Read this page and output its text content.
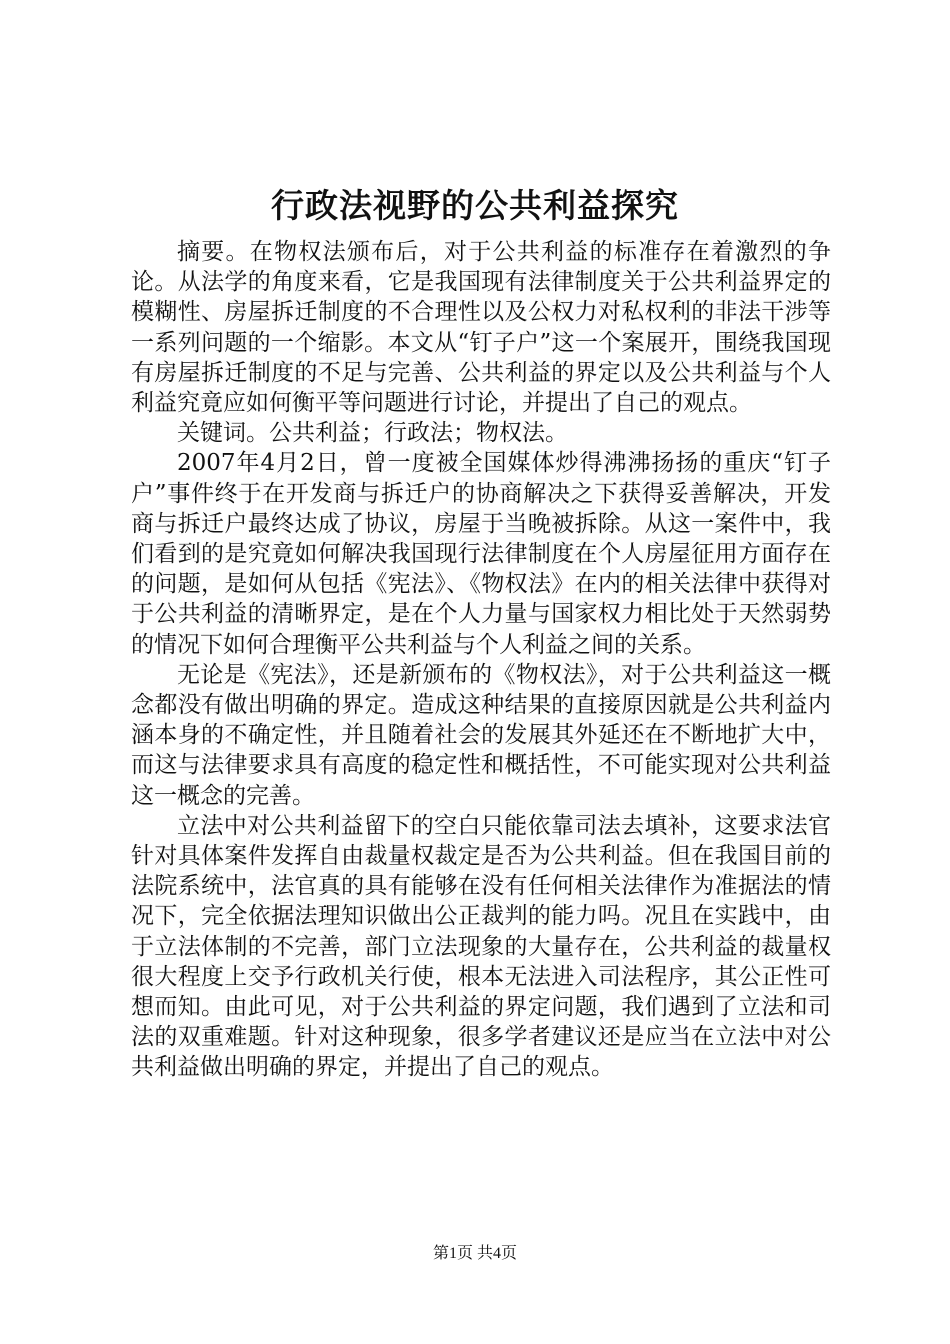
行政法视野的公共利益探究

摘要。在物权法颁布后，对于公共利益的标准存在着激烈的争论。从法学的角度来看，它是我国现有法律制度关于公共利益界定的模糊性、房屋拆迁制度的不合理性以及公权力对私权利的非法干涉等一系列问题的一个缩影。本文从“钉子户”这一个案展开，围绕我国现有房屋拆迁制度的不足与完善、公共利益的界定以及公共利益与个人利益究竟应如何衡平等问题进行讨论，并提出了自己的观点。

关键词。公共利益；行政法；物权法。

2007年4月2日，曾一度被全国媒体炒得沸沸扬扬的重庆“钉子户”事件终于在开发商与拆迁户的协商解决之下获得妥善解决，开发商与拆迁户最终达成了协议，房屋于当晚被拆除。从这一案件中，我们看到的是究竟如何解决我国现行法律制度在个人房屋征用方面存在的问题，是如何从包括《宪法》、《物权法》在内的相关法律中获得对于公共利益的清晰界定，是在个人力量与国家权力相比处于天然弱势的情况下如何合理衡平公共利益与个人利益之间的关系。

无论是《宪法》，还是新颁布的《物权法》，对于公共利益这一概念都没有做出明确的界定。造成这种结果的直接原因就是公共利益内涵本身的不确定性，并且随着社会的发展其外延还在不断地扩大中，而这与法律要求具有高度的稳定性和概括性，不可能实现对公共利益这一概念的完善。

立法中对公共利益留下的空白只能依靠司法去填补，这要求法官针对具体案件发挥自由裁量权裁定是否为公共利益。但在我国目前的法院系统中，法官真的具有能够在没有任何相关法律作为准据法的情况下，完全依据法理知识做出公正裁判的能力吗。况且在实践中，由于立法体制的不完善，部门立法现象的大量存在，公共利益的裁量权很大程度上交予行政机关行使，根本无法进入司法程序，其公正性可想而知。由此可见，对于公共利益的界定问题，我们遇到了立法和司法的双重难题。针对这种现象，很多学者建议还是应当在立法中对公共利益做出明确的界定，并提出了自己的观点。

第1页 共4页
